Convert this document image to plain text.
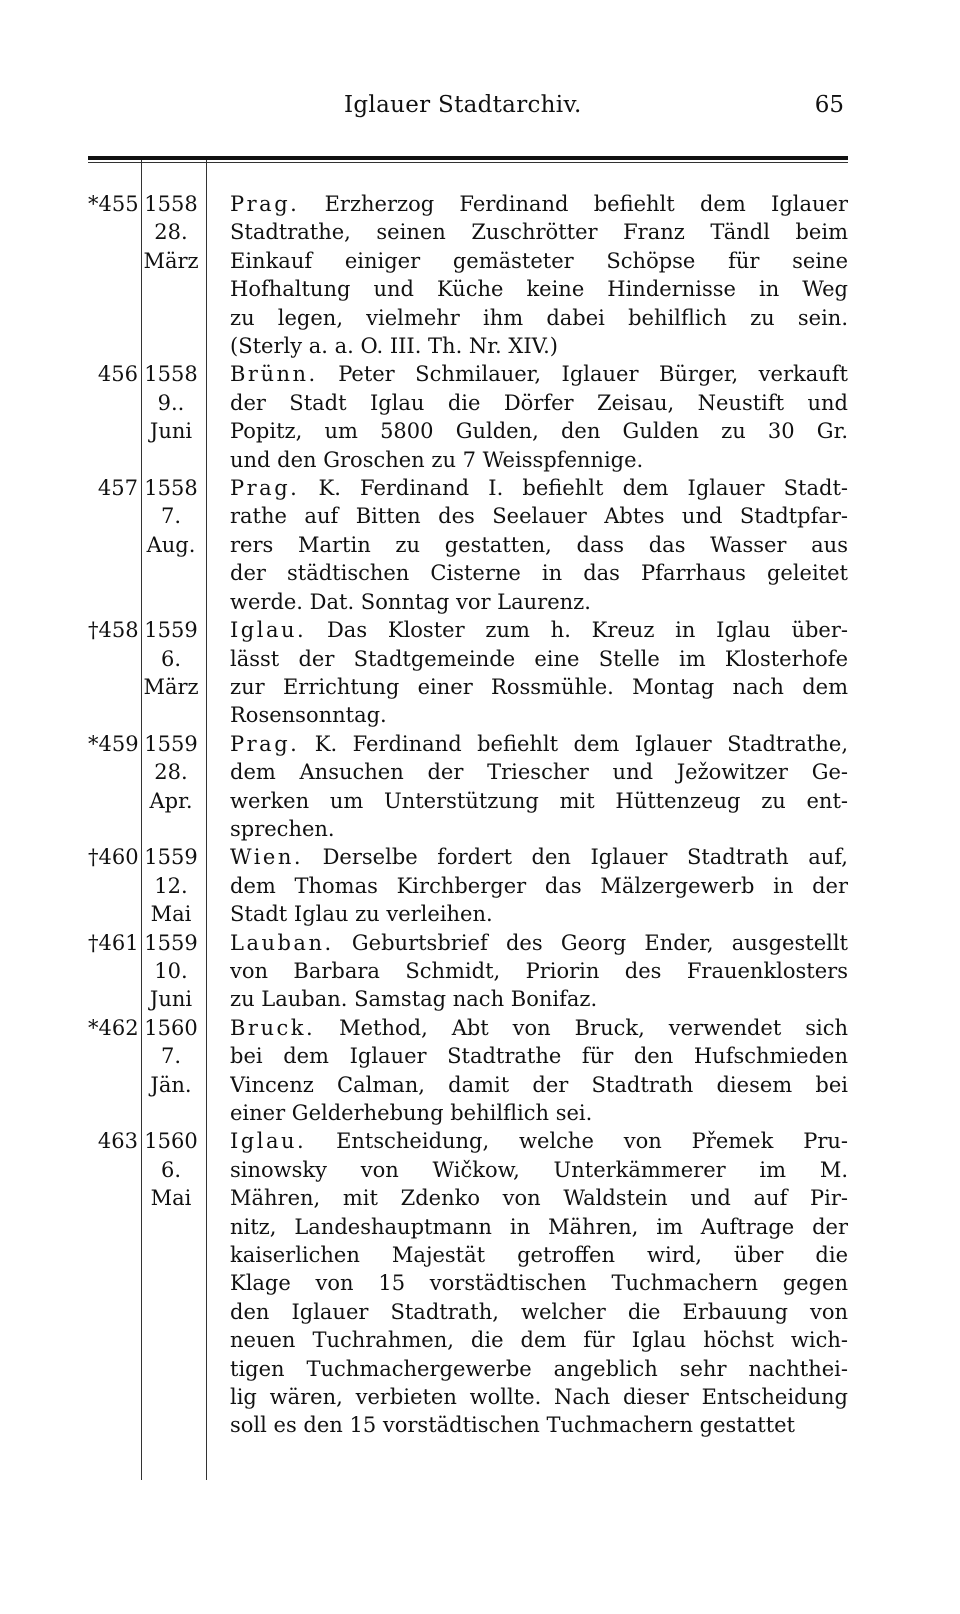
Iglauer Stadtarchiv.	65
*455 1558
28.
März
Prag. Erzherzog Ferdinand befiehlt dem Iglauer
Stadtrathe, seinen Zuschrötter Franz Tändl beim
Einkauf einiger gemästeter Schöpse für seine
Hofhaltung und Küche keine Hindernisse in Weg
zu legen, vielmehr ihm dabei behilflich zu sein.
(Sterly a. a. O. III. Th. Nr. XIV.)
456 1558
9..
Juni
Brünn. Peter Schmilauer, Iglauer Bürger, verkauft
der Stadt Iglau die Dörfer Zeisau, Neustift und
Popitz, um 5800 Gulden, den Gulden zu 30 Gr.
und den Groschen zu 7 Weisspfennige.
457 1558
7.
Aug.
Prag. K. Ferdinand I. befiehlt dem Iglauer Stadt-
rathe auf Bitten des Seelauer Abtes und Stadtpfar-
rers Martin zu gestatten, dass das Wasser aus
der städtischen Cisterne in das Pfarrhaus geleitet
werde. Dat. Sonntag vor Laurenz.
†458 1559
6.
März
Iglau. Das Kloster zum h. Kreuz in Iglau über-
lässt der Stadtgemeinde eine Stelle im Klosterhofe
zur Errichtung einer Rossmühle. Montag nach dem
Rosensonntag.
*459 1559
28.
Apr.
Prag. K. Ferdinand befiehlt dem Iglauer Stadtrathe,
dem Ansuchen der Triescher und Ježowitzer Ge-
werken um Unterstützung mit Hüttenzeug zu ent-
sprechen.
†460 1559
12.
Mai
Wien. Derselbe fordert den Iglauer Stadtrath auf,
dem Thomas Kirchberger das Mälzergewerb in der
Stadt Iglau zu verleihen.
†461 1559
10.
Juni
Lauban. Geburtsbrief des Georg Ender, ausgestellt
von Barbara Schmidt, Priorin des Frauenklosters
zu Lauban. Samstag nach Bonifaz.
*462 1560
7.
Jän.
Bruck. Method, Abt von Bruck, verwendet sich
bei dem Iglauer Stadtrathe für den Hufschmieden
Vincenz Calman, damit der Stadtrath diesem bei
einer Gelderhebung behilflich sei.
463 1560
6.
Mai
Iglau. Entscheidung, welche von Přemek Pru-
sinowsky von Wičkow, Unterkämmerer im M.
Mähren, mit Zdenko von Waldstein und auf Pir-
nitz, Landeshauptmann in Mähren, im Auftrage der
kaiserlichen Majestät getroffen wird, über die
Klage von 15 vorstädtischen Tuchmachern gegen
den Iglauer Stadtrath, welcher die Erbauung von
neuen Tuchrahmen, die dem für Iglau höchst wich-
tigen Tuchmachergewerbe angeblich sehr nachthei-
lig wären, verbieten wollte. Nach dieser Entscheidung
soll es den 15 vorstädtischen Tuchmachern gestattet
